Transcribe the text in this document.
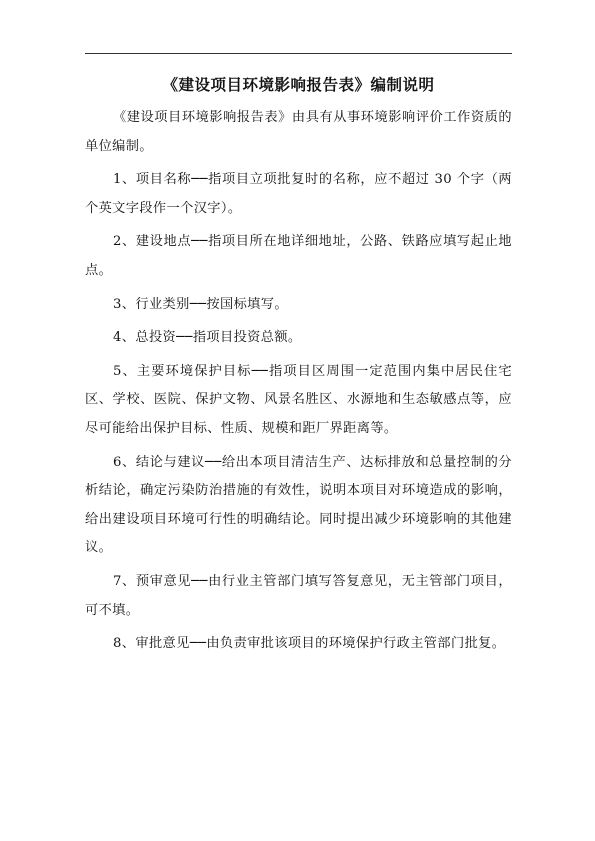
《建设项目环境影响报告表》编制说明

《建设项目环境影响报告表》由具有从事环境影响评价工作资质的单位编制。

1、项目名称──指项目立项批复时的名称，应不超过 30 个字（两个英文字段作一个汉字）。

2、建设地点──指项目所在地详细地址，公路、铁路应填写起止地点。

3、行业类别──按国标填写。

4、总投资──指项目投资总额。

5、主要环境保护目标──指项目区周围一定范围内集中居民住宅区、学校、医院、保护文物、风景名胜区、水源地和生态敏感点等，应尽可能给出保护目标、性质、规模和距厂界距离等。

6、结论与建议──给出本项目清洁生产、达标排放和总量控制的分析结论，确定污染防治措施的有效性，说明本项目对环境造成的影响，给出建设项目环境可行性的明确结论。同时提出减少环境影响的其他建议。

7、预审意见──由行业主管部门填写答复意见，无主管部门项目，可不填。

8、审批意见──由负责审批该项目的环境保护行政主管部门批复。
